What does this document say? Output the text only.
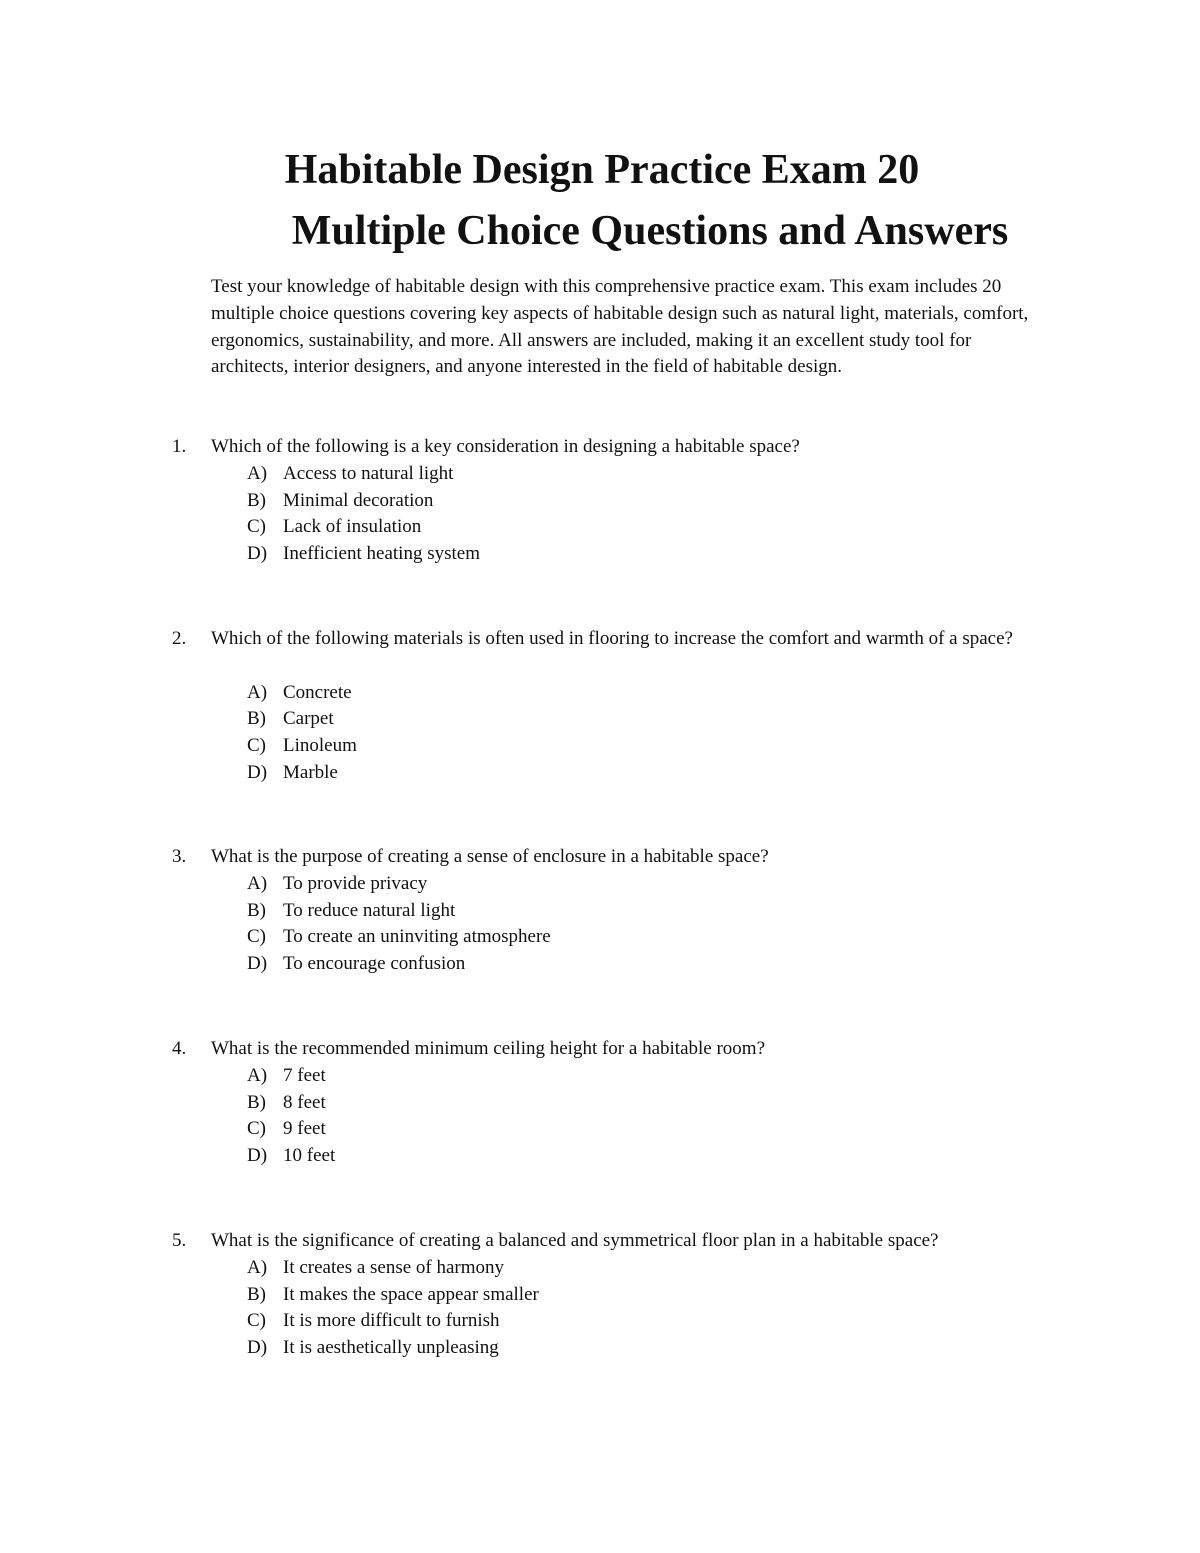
Habitable Design Practice Exam 20
Multiple Choice Questions and Answers

Test your knowledge of habitable design with this comprehensive practice exam. This exam includes 20 multiple choice questions covering key aspects of habitable design such as natural light, materials, comfort, ergonomics, sustainability, and more. All answers are included, making it an excellent study tool for architects, interior designers, and anyone interested in the field of habitable design.

1.	Which of the following is a key consideration in designing a habitable space?

A) Access to natural light
B) Minimal decoration
C) Lack of insulation
D) Inefficient heating system
2.	Which of the following materials is often used in flooring to increase the comfort and warmth of a space?

A) Concrete
B) Carpet
C) Linoleum
D) Marble
3.	What is the purpose of creating a sense of enclosure in a habitable space?

A) To provide privacy
B) To reduce natural light
C) To create an uninviting atmosphere
D) To encourage confusion
4.	What is the recommended minimum ceiling height for a habitable room?

A) 7 feet
B) 8 feet
C) 9 feet
D) 10 feet
5.	What is the significance of creating a balanced and symmetrical floor plan in a habitable space?

A) It creates a sense of harmony
B) It makes the space appear smaller
C) It is more difficult to furnish
D) It is aesthetically unpleasing
